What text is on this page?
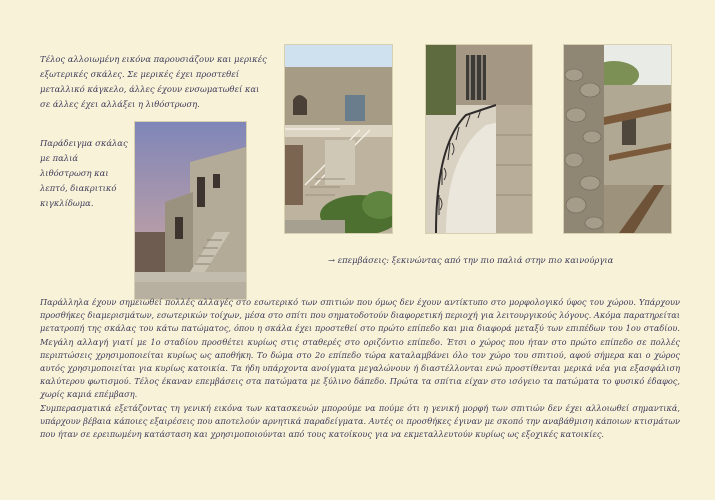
Τέλος αλλοιωμένη εικόνα παρουσιάζουν και μερικές εξωτερικές σκάλες. Σε μερικές έχει προστεθεί μεταλλικό κάγκελο, άλλες έχουν ενσωματωθεί και σε άλλες έχει αλλάξει η λιθόστρωση.
Παράδειγμα σκάλας με παλιά λιθόστρωση και λεπτό, διακριτικό κιγκλίδωμα.
→ επεμβάσεις: ξεκινώντας από την πιο παλιά στην πιο καινούργια

Παράλληλα έχουν σημειωθεί πολλές αλλαγές στο εσωτερικό των σπιτιών που όμως δεν έχουν αντίκτυπο στο μορφολογικό ύφος του χώρου. Υπάρχουν προσθήκες διαμερισμάτων, εσωτερικών τοίχων, μέσα στο σπίτι που σηματοδοτούν διαφορετική περιοχή για λειτουργικούς λόγους. Ακόμα παρατηρείται μετατροπή της σκάλας του κάτω πατώματος, όπου η σκάλα έχει προστεθεί στο πρώτο επίπεδο και μια διαφορά μεταξύ των επιπέδων του 1ου σταδίου. Μεγάλη αλλαγή γιατί με 1ο σταδίου προσθέτει κυρίως στις σταθερές στο οριζόντιο επίπεδο. Έτσι ο χώρος που ήταν στο πρώτο επίπεδο σε πολλές περιπτώσεις χρησιμοποιείται κυρίως ως αποθήκη. Το δώμα στο 2ο επίπεδο τώρα καταλαμβάνει όλο τον χώρο του σπιτιού, αφού σήμερα και ο χώρος αυτός χρησιμοποιείται για κυρίως κατοικία. Τα ήδη υπάρχοντα ανοίγματα μεγαλώνουν ή διαστέλλονται ενώ προστίθενται μερικά νέα για εξασφάλιση καλύτερου φωτισμού. Τέλος έκαναν επεμβάσεις στα πατώματα με ξύλινο δάπεδο. Πρώτα τα σπίτια είχαν στο ισόγειο τα πατώματα το φυσικό έδαφος, χωρίς καμιά επέμβαση.

Συμπερασματικά εξετάζοντας τη γενική εικόνα των κατασκευών μπορούμε να πούμε ότι η γενική μορφή των σπιτιών δεν έχει αλλοιωθεί σημαντικά, υπάρχουν βέβαια κάποιες εξαιρέσεις που αποτελούν αρνητικά παραδείγματα. Αυτές οι προσθήκες έγιναν με σκοπό την αναβάθμιση κάποιων κτισμάτων που ήταν σε ερειπωμένη κατάσταση και χρησιμοποιούνται από τους κατοίκους για να εκμεταλλευτούν κυρίως ως εξοχικές κατοικίες.
